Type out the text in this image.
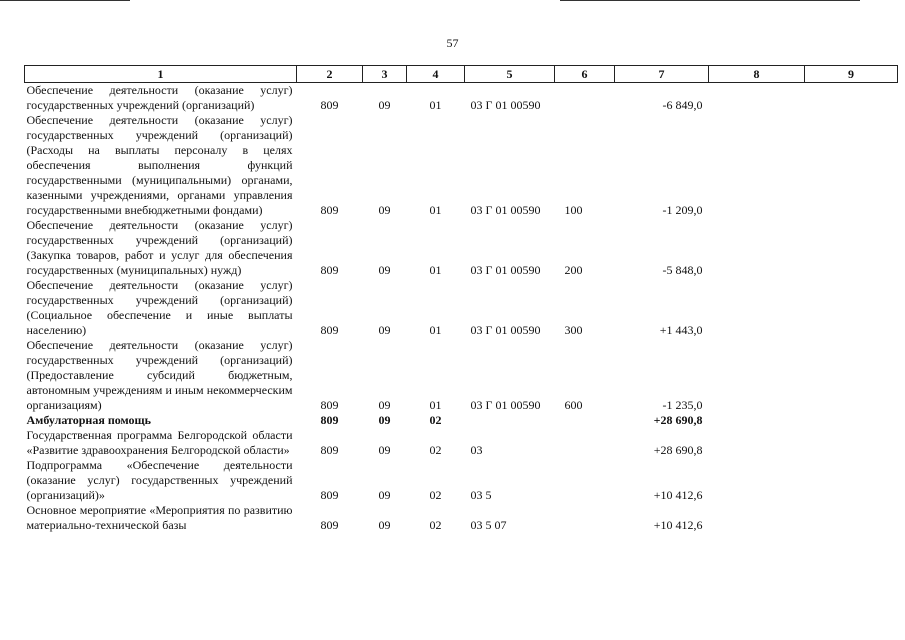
57
1	2	3	4	5	6	7	8	9
Обеспечение деятельности (оказание услуг) государственных учреждений (организаций)	809	09	01	03 Г 01 00590		-6 849,0		
Обеспечение деятельности (оказание услуг) государственных учреждений (организаций) (Расходы на выплаты персоналу в целях обеспечения выполнения функций государственными (муниципальными) органами, казенными учреждениями, органами управления государственными внебюджетными фондами)	809	09	01	03 Г 01 00590	100	-1 209,0		
Обеспечение деятельности (оказание услуг) государственных учреждений (организаций) (Закупка товаров, работ и услуг для обеспечения государственных (муниципальных) нужд)	809	09	01	03 Г 01 00590	200	-5 848,0		
Обеспечение деятельности (оказание услуг) государственных учреждений (организаций) (Социальное обеспечение и иные выплаты населению)	809	09	01	03 Г 01 00590	300	+1 443,0		
Обеспечение деятельности (оказание услуг) государственных учреждений (организаций) (Предоставление субсидий бюджетным, автономным учреждениям и иным некоммерческим организациям)	809	09	01	03 Г 01 00590	600	-1 235,0		
Амбулаторная помощь	809	09	02			+28 690,8		
Государственная программа Белгородской области «Развитие здравоохранения Белгородской области»	809	09	02	03		+28 690,8		
Подпрограмма «Обеспечение деятельности (оказание услуг) государственных учреждений (организаций)»	809	09	02	03 5		+10 412,6		
Основное мероприятие «Мероприятия по развитию материально-технической базы	809	09	02	03 5 07		+10 412,6		
